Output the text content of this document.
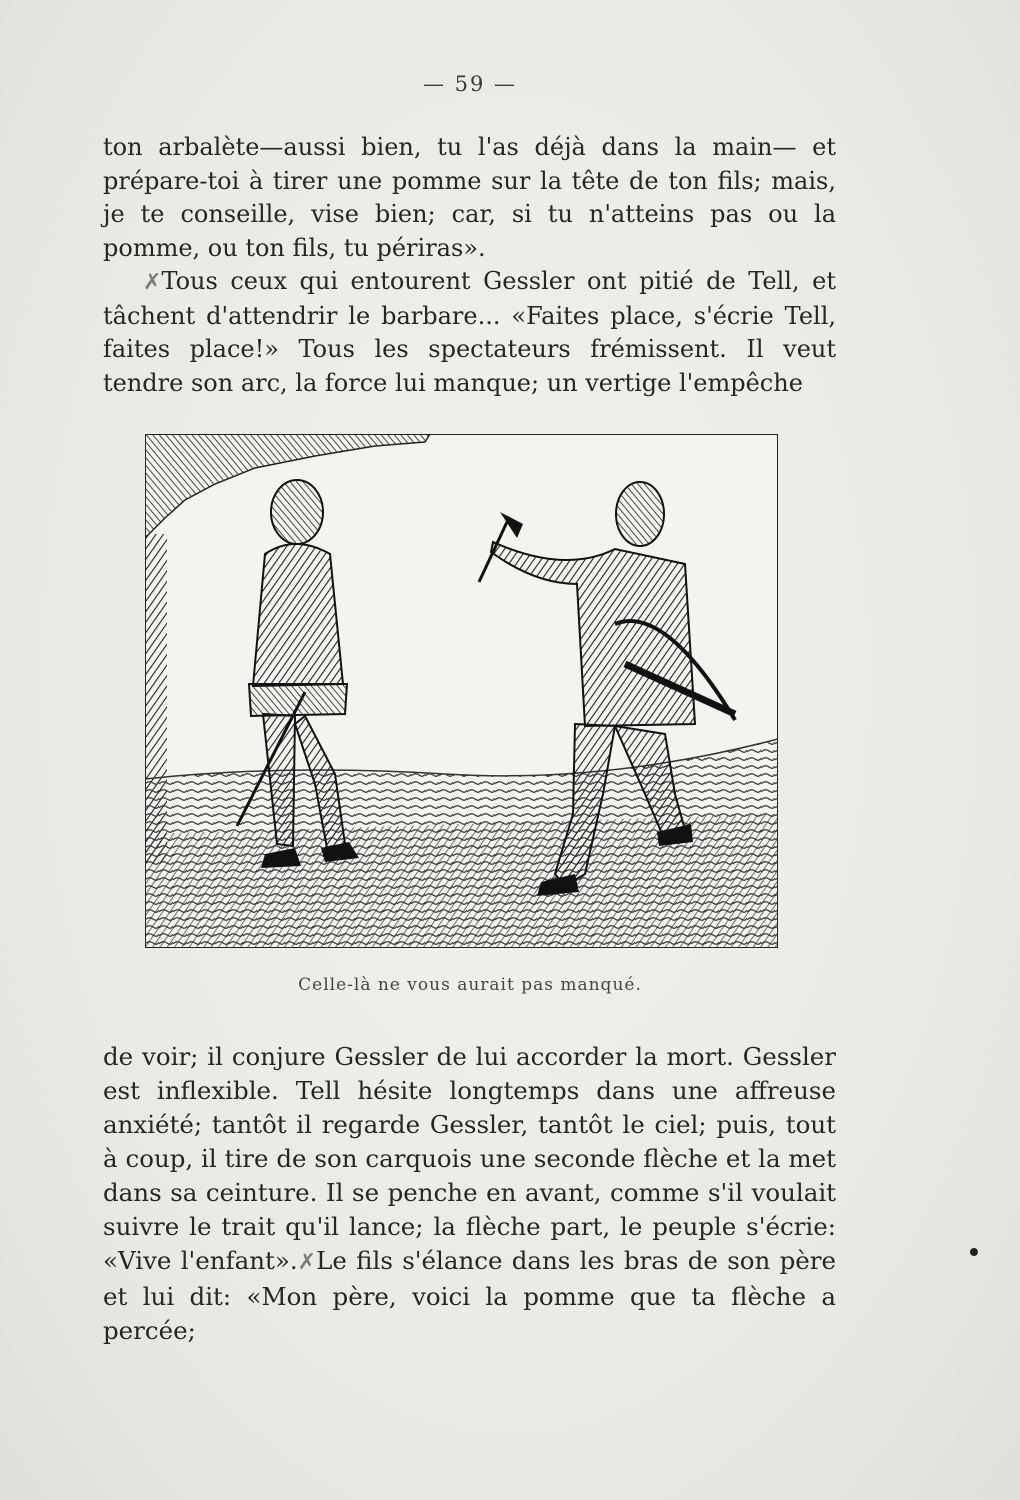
— 59 —

ton arbalète—aussi bien, tu l'as déjà dans la main— et prépare-toi à tirer une pomme sur la tête de ton fils; mais, je te conseille, vise bien; car, si tu n'atteins pas ou la pomme, ou ton fils, tu périras».

✗Tous ceux qui entourent Gessler ont pitié de Tell, et tâchent d'attendrir le barbare... «Faites place, s'écrie Tell, faites place!» Tous les spectateurs frémissent. Il veut tendre son arc, la force lui manque; un vertige l'empêche

Celle-là ne vous aurait pas manqué.

de voir; il conjure Gessler de lui accorder la mort. Gessler est inflexible. Tell hésite longtemps dans une affreuse anxiété; tantôt il regarde Gessler, tantôt le ciel; puis, tout à coup, il tire de son carquois une seconde flèche et la met dans sa ceinture. Il se penche en avant, comme s'il voulait suivre le trait qu'il lance; la flèche part, le peuple s'écrie: «Vive l'enfant».✗Le fils s'élance dans les bras de son père et lui dit: «Mon père, voici la pomme que ta flèche a percée;
